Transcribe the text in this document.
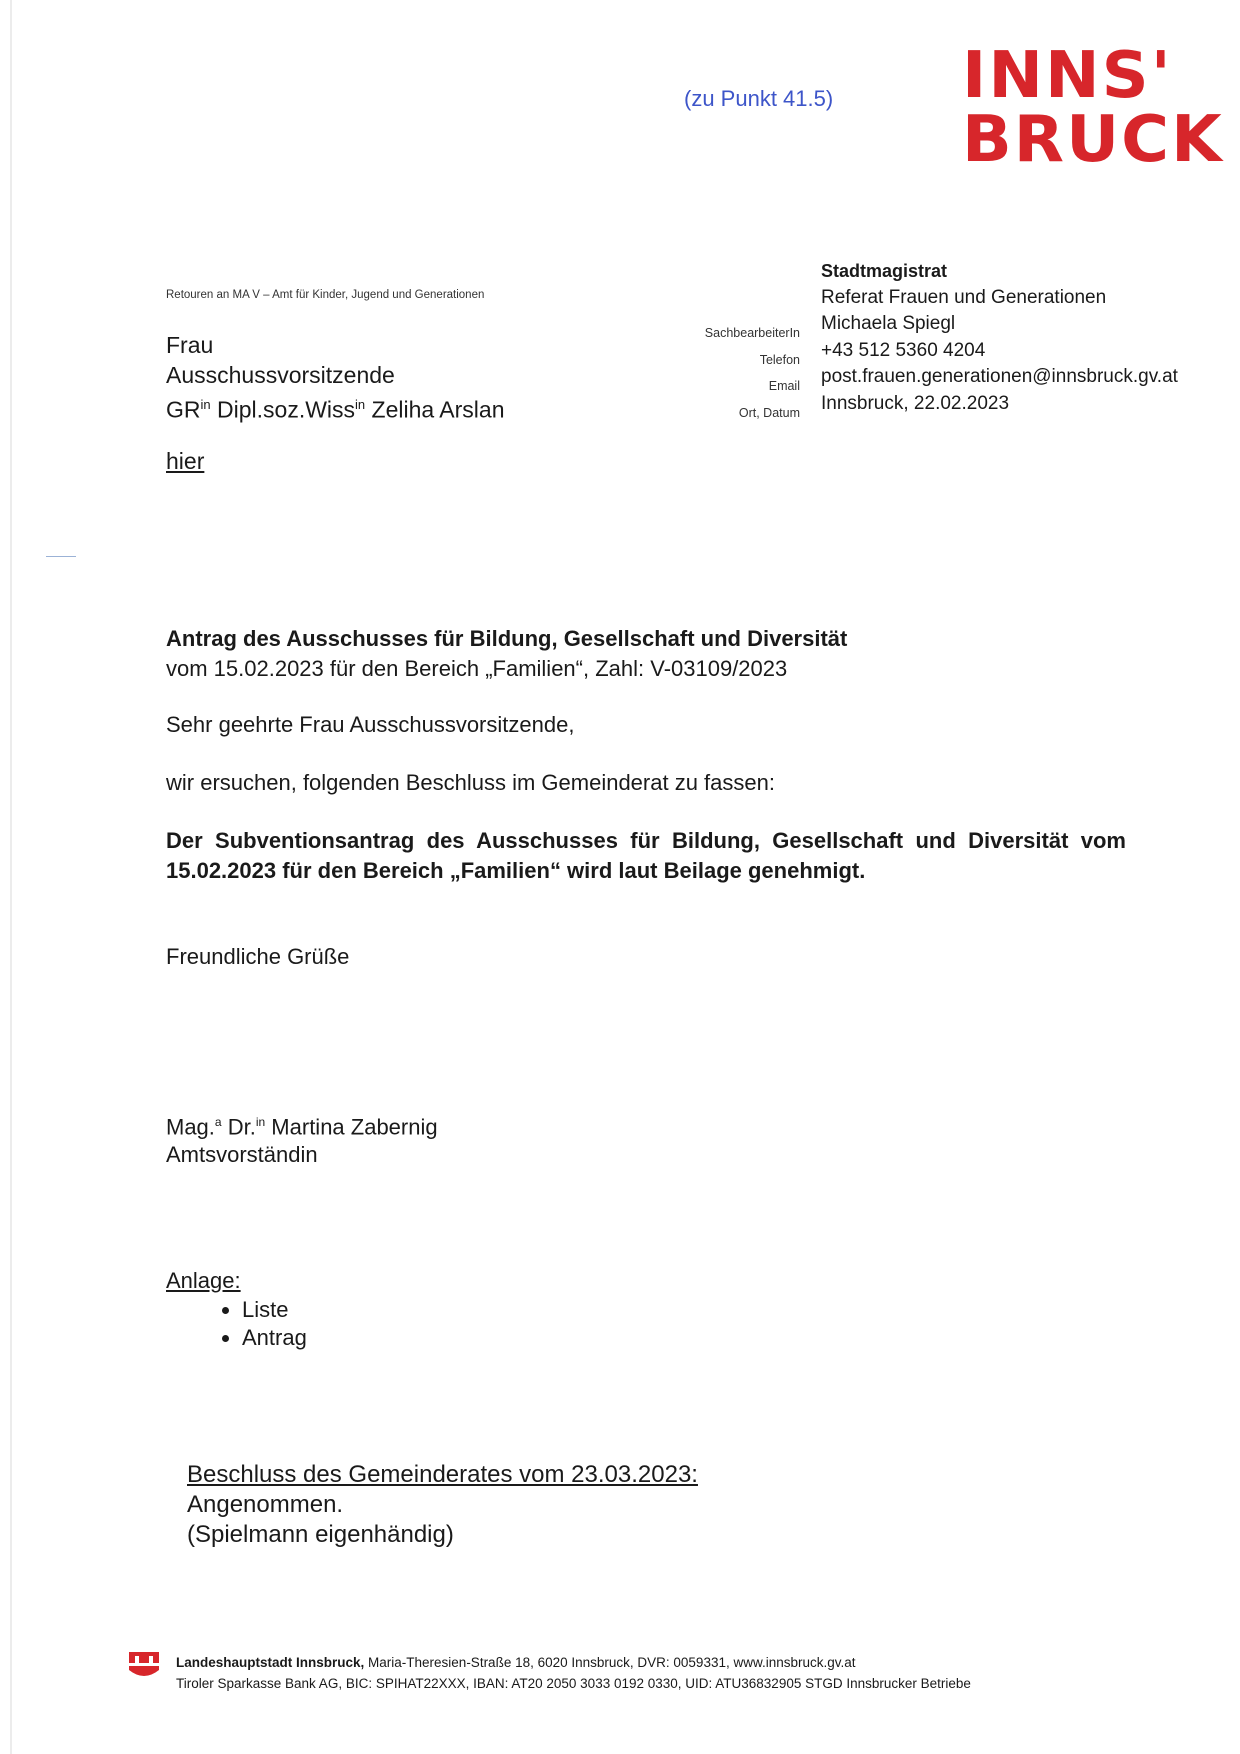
(zu Punkt 41.5) INNS'
BRUCK
Retouren an MA V – Amt für Kinder, Jugend und Generationen
Frau
Ausschussvorsitzende
$GR^{in}$ Dipl.soz.Wiss$^{in}$ Zeliha Arslan
SachbearbeiterIn
Telefon
Email
Ort, Datum
Stadtmagistrat
Referat Frauen und Generationen
Michaela Spiegl
+43 512 5360 4204
post.frauen.generationen@innsbruck.gv.at
Innsbruck, 22.02.2023
hier
Antrag des Ausschusses für Bildung, Gesellschaft und Diversität
vom 15.02.2023 für den Bereich „Familien“, Zahl: V-03109/2023
Sehr geehrte Frau Ausschussvorsitzende,
wir ersuchen, folgenden Beschluss im Gemeinderat zu fassen:
Der Subventionsantrag des Ausschusses für Bildung, Gesellschaft und Diversität vom 15.02.2023 für den Bereich „Familien“ wird laut Beilage genehmigt.
Freundliche Grüße
Mag.$^a$ Dr.$^{in}$ Martina Zabernig
Amtsvorständin
Anlage:
• Liste
• Antrag
Beschluss des Gemeinderates vom 23.03.2023:
Angenommen.
(Spielmann eigenhändig)
Landeshauptstadt Innsbruck, Maria-Theresien-Straße 18, 6020 Innsbruck, DVR: 0059331, www.innsbruck.gv.at
Tiroler Sparkasse Bank AG, BIC: SPIHAT22XXX, IBAN: AT20 2050 3033 0192 0330, UID: ATU36832905 STGD Innsbrucker Betriebe
